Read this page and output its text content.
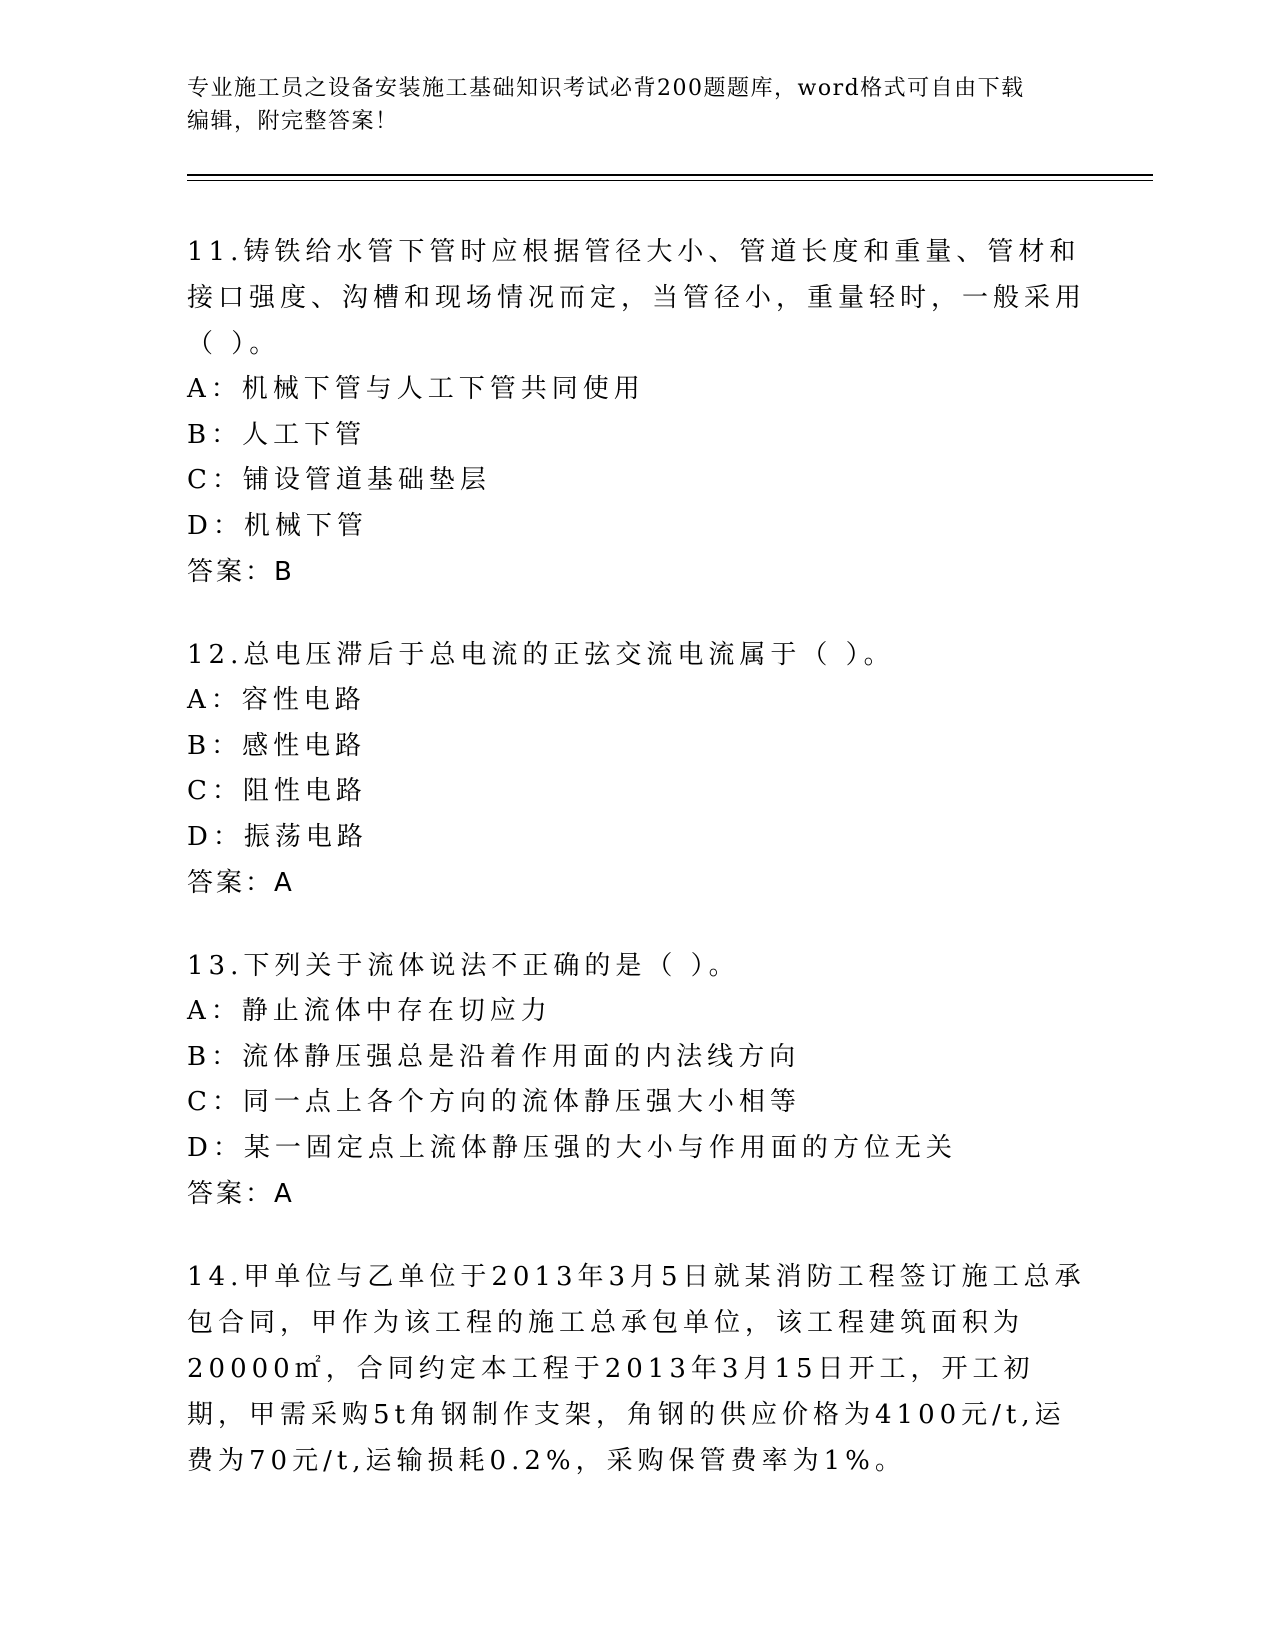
专业施工员之设备安装施工基础知识考试必背200题题库，word格式可自由下载
编辑，附完整答案！
11.铸铁给水管下管时应根据管径大小、管道长度和重量、管材和接口强度、沟槽和现场情况而定，当管径小，重量轻时，一般采用（ ）。
A：机械下管与人工下管共同使用
B：人工下管
C：铺设管道基础垫层
D：机械下管
答案：B
12.总电压滞后于总电流的正弦交流电流属于（ ）。
A：容性电路
B：感性电路
C：阻性电路
D：振荡电路
答案：A
13.下列关于流体说法不正确的是（ ）。
A：静止流体中存在切应力
B：流体静压强总是沿着作用面的内法线方向
C：同一点上各个方向的流体静压强大小相等
D：某一固定点上流体静压强的大小与作用面的方位无关
答案：A
14.甲单位与乙单位于2013年3月5日就某消防工程签订施工总承包合同，甲作为该工程的施工总承包单位，该工程建筑面积为20000㎡，合同约定本工程于2013年3月15日开工，开工初期，甲需采购5t角钢制作支架，角钢的供应价格为4100元/t,运费为70元/t,运输损耗0.2%，采购保管费率为1%。
